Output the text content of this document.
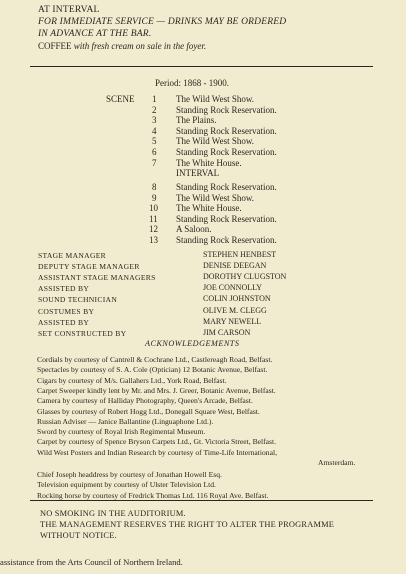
AT INTERVAL
FOR IMMEDIATE SERVICE — DRINKS MAY BE ORDERED
IN ADVANCE AT THE BAR.
COFFEE with fresh cream on sale in the foyer.
Period: 1868 - 1900.
SCENE 1 The Wild West Show.
2 Standing Rock Reservation.
3 The Plains.
4 Standing Rock Reservation.
5 The Wild West Show.
6 Standing Rock Reservation.
7 The White House.
INTERVAL
8 Standing Rock Reservation.
9 The Wild West Show.
10 The White House.
11 Standing Rock Reservation.
12 A Saloon.
13 Standing Rock Reservation.
STAGE MANAGER	STEPHEN HENBEST
DEPUTY STAGE MANAGER	DENISE DEEGAN
ASSISTANT STAGE MANAGERS	DOROTHY CLUGSTON
ASSISTED BY	JOE CONNOLLY
SOUND TECHNICIAN	COLIN JOHNSTON
COSTUMES BY	OLIVE M. CLEGG
ASSISTED BY	MARY NEWELL
SET CONSTRUCTED BY	JIM CARSON
ACKNOWLEDGEMENTS
Cordials by courtesy of Cantrell & Cochrane Ltd., Castlereagh Road, Belfast.
Spectacles by courtesy of S. A. Cole (Optician) 12 Botanic Avenue, Belfast.
Cigars by courtesy of M/s. Gallahers Ltd., York Road, Belfast.
Carpet Sweeper kindly lent by Mr. and Mrs. J. Greer, Botanic Avenue, Belfast.
Camera by courtesy of Halliday Photography, Queen's Arcade, Belfast.
Glasses by courtesy of Robert Hogg Ltd., Donegall Square West, Belfast.
Russian Adviser — Janice Ballantine (Linguaphone Ltd.).
Sword by courtesy of Royal Irish Regimental Museum.
Carpet by courtesy of Spence Bryson Carpets Ltd., Gt. Victoria Street, Belfast.
Wild West Posters and Indian Research by courtesy of Time-Life International,
Amsterdam.
Chief Joseph headdress by courtesy of Jonathan Howell Esq.
Television equipment by courtesy of Ulster Television Ltd.
Rocking horse by courtesy of Fredrick Thomas Ltd. 116 Royal Ave. Belfast.
NO SMOKING IN THE AUDITORIUM.
THE MANAGEMENT RESERVES THE RIGHT TO ALTER THE PROGRAMME
WITHOUT NOTICE.
assistance from the Arts Council of Northern Ireland.
